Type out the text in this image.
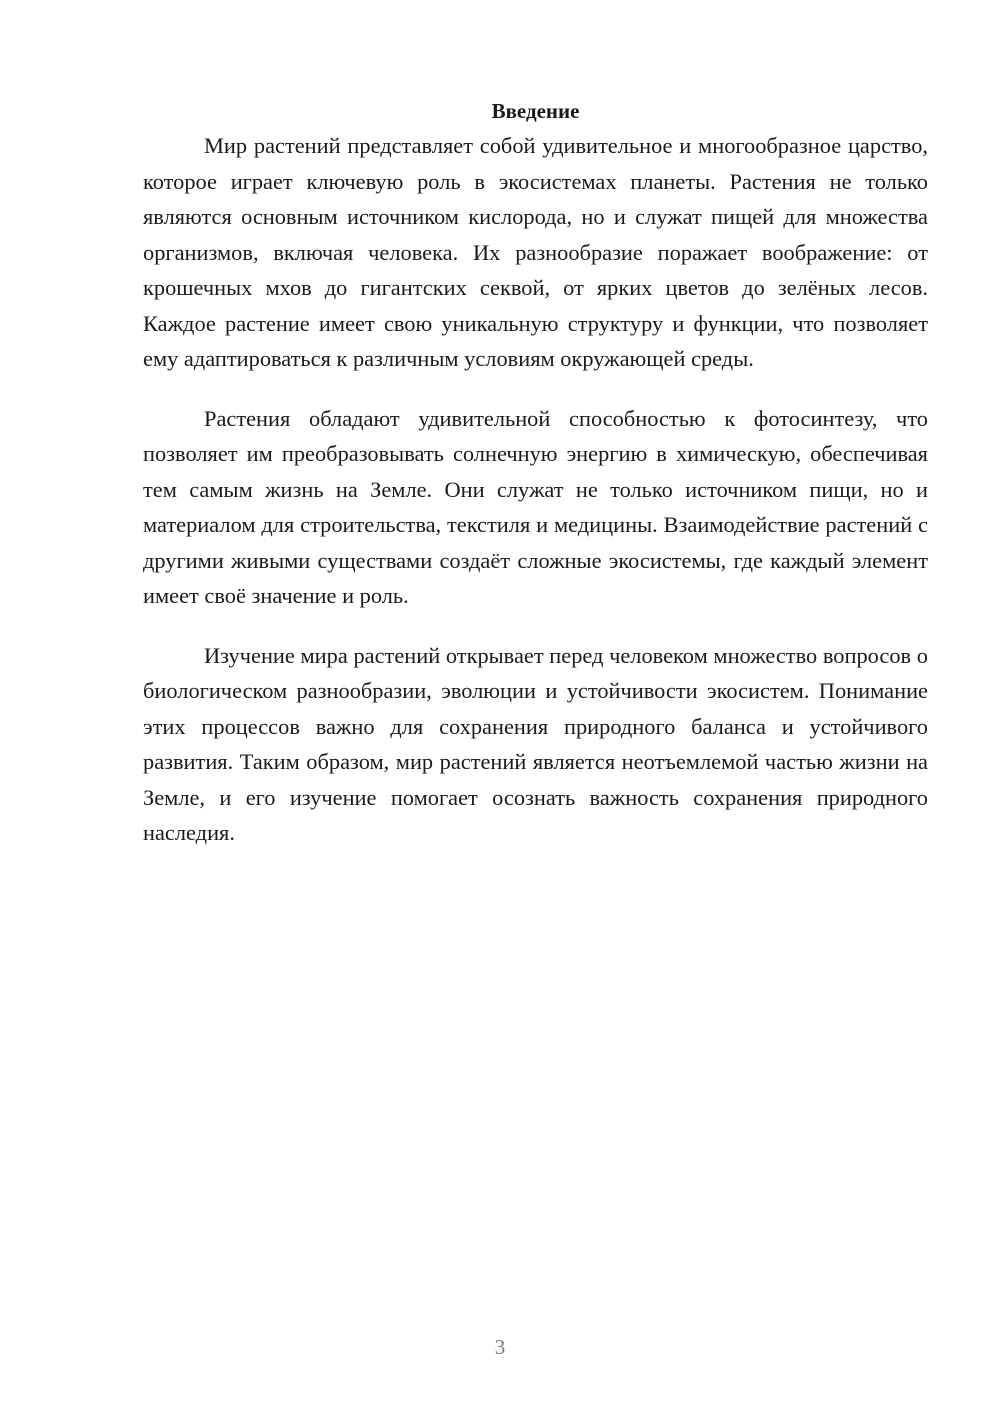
Введение

Мир растений представляет собой удивительное и многообразное царство, которое играет ключевую роль в экосистемах планеты. Растения не только являются основным источником кислорода, но и служат пищей для множества организмов, включая человека. Их разнообразие поражает воображение: от крошечных мхов до гигантских секвой, от ярких цветов до зелёных лесов. Каждое растение имеет свою уникальную структуру и функции, что позволяет ему адаптироваться к различным условиям окружающей среды.

Растения обладают удивительной способностью к фотосинтезу, что позволяет им преобразовывать солнечную энергию в химическую, обеспечивая тем самым жизнь на Земле. Они служат не только источником пищи, но и материалом для строительства, текстиля и медицины. Взаимодействие растений с другими живыми существами создаёт сложные экосистемы, где каждый элемент имеет своё значение и роль.

Изучение мира растений открывает перед человеком множество вопросов о биологическом разнообразии, эволюции и устойчивости экосистем. Понимание этих процессов важно для сохранения природного баланса и устойчивого развития. Таким образом, мир растений является неотъемлемой частью жизни на Земле, и его изучение помогает осознать важность сохранения природного наследия.

3
